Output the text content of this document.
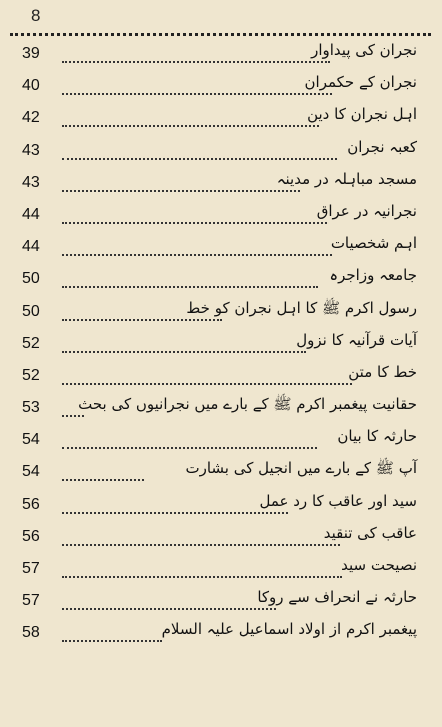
8
39	نجران کی پیداوار
40	نجران کے حکمران
42	اہل نجران کا دین
43	کعبہ نجران
43	مسجد مباہلہ در مدینہ
44	نجرانیہ در عراق
44	اہم شخصیات
50	جامعہ وزاجرہ
50	رسول اکرم ﷺ کا اہل نجران کو خط
52	آیات قرآنیہ کا نزول
52	خط کا متن
53	حقانیت پیغمبر اکرم ﷺ کے بارے میں نجرانیوں کی بحث
54	حارثہ کا بیان
54	آپ ﷺ کے بارے میں انجیل کی بشارت
56	سید اور عاقب کا رد عمل
56	عاقب کی تنقید
57	نصیحت سید
57	حارثہ نے انحراف سے روکا
58	پیغمبر اکرم از اولاد اسماعیل علیہ السلام
